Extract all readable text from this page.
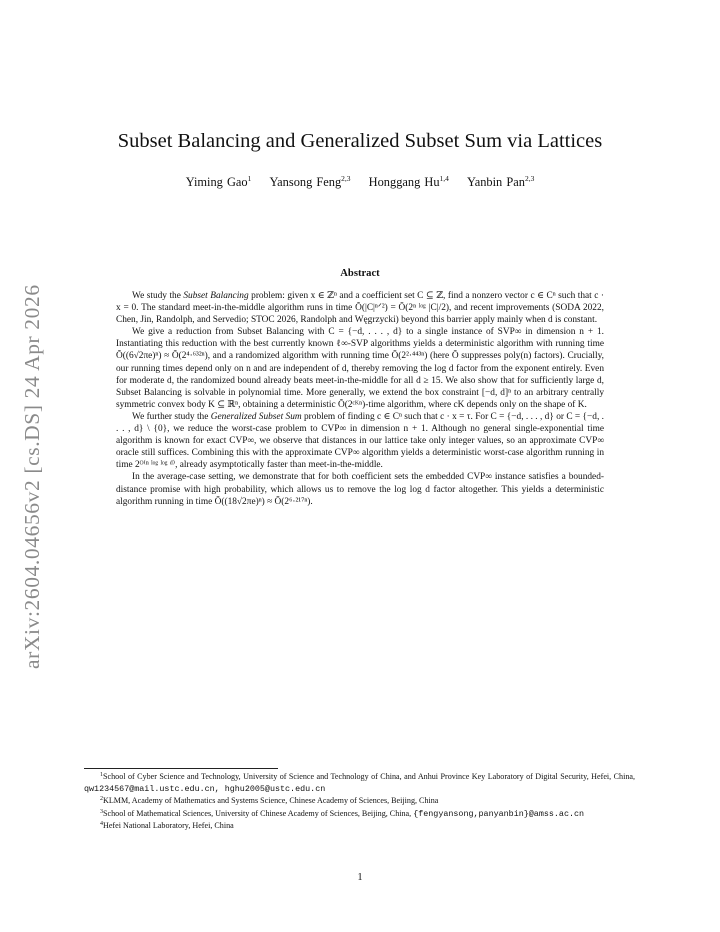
arXiv:2604.04656v2 [cs.DS] 24 Apr 2026
Subset Balancing and Generalized Subset Sum via Lattices
Yiming Gao$^1$ Yansong Feng$^{2,3}$ Honggang Hu$^{1,4}$ Yanbin Pan$^{2,3}$
Abstract

We study the Subset Balancing problem: given x ∈ ℤⁿ and a coefficient set C ⊆ ℤ, find a nonzero vector c ∈ Cⁿ such that c · x = 0. The standard meet-in-the-middle algorithm runs in time Õ(|C|ⁿᐟ²) = Õ(2ⁿ ˡᵒᵍ |C|/2), and recent improvements (SODA 2022, Chen, Jin, Randolph, and Servedio; STOC 2026, Randolph and Węgrzycki) beyond this barrier apply mainly when d is constant.

We give a reduction from Subset Balancing with C = {−d, . . . , d} to a single instance of SVP∞ in dimension n + 1. Instantiating this reduction with the best currently known ℓ∞-SVP algorithms yields a deterministic algorithm with running time Õ((6√2πe)ⁿ) ≈ Õ(2⁴·⁶³²ⁿ), and a randomized algorithm with running time Õ(2²·⁴⁴³ⁿ) (here Õ suppresses poly(n) factors). Crucially, our running times depend only on n and are independent of d, thereby removing the log d factor from the exponent entirely. Even for moderate d, the randomized bound already beats meet-in-the-middle for all d ≥ 15. We also show that for sufficiently large d, Subset Balancing is solvable in polynomial time. More generally, we extend the box constraint [−d, d]ⁿ to an arbitrary centrally symmetric convex body K ⊆ ℝⁿ, obtaining a deterministic Õ(2ᶜᴷⁿ)-time algorithm, where cK depends only on the shape of K.

We further study the Generalized Subset Sum problem of finding c ∈ Cⁿ such that c · x = τ. For C = {−d, . . . , d} or C = {−d, . . . , d} \ {0}, we reduce the worst-case problem to CVP∞ in dimension n + 1. Although no general single-exponential time algorithm is known for exact CVP∞, we observe that distances in our lattice take only integer values, so an approximate CVP∞ oracle still suffices. Combining this with the approximate CVP∞ algorithm yields a deterministic worst-case algorithm running in time 2ᴼ⁽ⁿ ˡᵒᵍ ˡᵒᵍ ᵈ⁾, already asymptotically faster than meet-in-the-middle.

In the average-case setting, we demonstrate that for both coefficient sets the embedded CVP∞ instance satisfies a bounded-distance promise with high probability, which allows us to remove the log log d factor altogether. This yields a deterministic algorithm running in time Õ((18√2πe)ⁿ) ≈ Õ(2⁶·²¹⁷ⁿ).

$^1$School of Cyber Science and Technology, University of Science and Technology of China, and Anhui Province Key Laboratory of Digital Security, Hefei, China, qw1234567@mail.ustc.edu.cn, hghu2005@ustc.edu.cn

$^2$KLMM, Academy of Mathematics and Systems Science, Chinese Academy of Sciences, Beijing, China

$^3$School of Mathematical Sciences, University of Chinese Academy of Sciences, Beijing, China, {fengyansong,panyanbin}@amss.ac.cn

$^4$Hefei National Laboratory, Hefei, China

1
